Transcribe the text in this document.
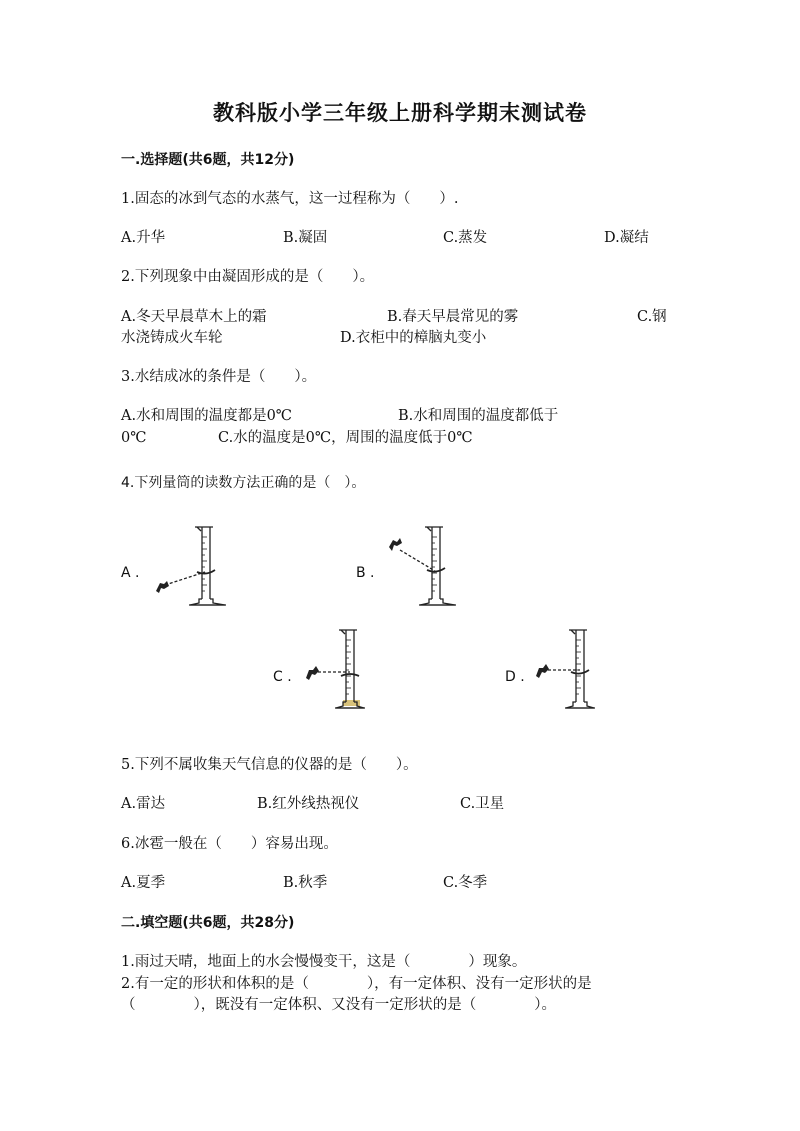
教科版小学三年级上册科学期末测试卷
一.选择题(共6题，共12分)
1.固态的冰到气态的水蒸气，这一过程称为（　　）.
A.升华	B.凝固	C.蒸发	D.凝结
2.下列现象中由凝固形成的是（　　）。
A.冬天早晨草木上的霜	B.春天早晨常见的雾	C.钢
水浇铸成火车轮	D.衣柜中的樟脑丸变小
3.水结成冰的条件是（　　）。
A.水和周围的温度都是0℃	B.水和周围的温度都低于
0℃	C.水的温度是0℃，周围的温度低于0℃
4.下列量筒的读数方法正确的是（　）。
A .	B .
C .	D .
5.下列不属收集天气信息的仪器的是（　　）。
A.雷达	B.红外线热视仪	C.卫星
6.冰雹一般在（　　）容易出现。
A.夏季	B.秋季	C.冬季
二.填空题(共6题，共28分)
1.雨过天晴，地面上的水会慢慢变干，这是（　　　　）现象。
2.有一定的形状和体积的是（　　　　），有一定体积、没有一定形状的是
（　　　　），既没有一定体积、又没有一定形状的是（　　　　）。
